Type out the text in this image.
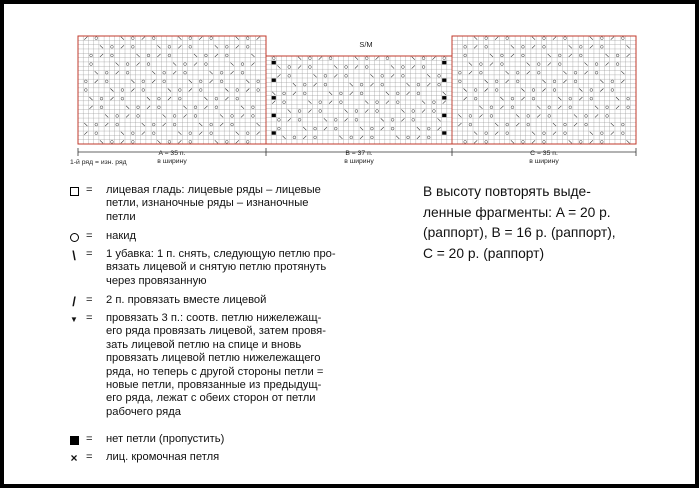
S/M
1-й ряд = изн. ряд
A = 35 п.
в ширину
B = 37 п.
в ширину
C = 35 п.
в ширину
= лицевая гладь: лицевые ряды – лицевые
петли, изнаночные ряды – изнаночные
петли
= накид
\ = 1 убавка: 1 п. снять, следующую петлю про-
вязать лицевой и снятую петлю протянуть
через провязанную
/ = 2 п. провязать вместе лицевой
▼ = провязать 3 п.: соотв. петлю нижележащ-
его ряда провязать лицевой, затем провя-
зать лицевой петлю на спице и вновь
провязать лицевой петлю нижележащего
ряда, но теперь с другой стороны петли =
новые петли, провязанные из предыдущ-
его ряда, лежат с обеих сторон от петли
рабочего ряда
= нет петли (пропустить)
× = лиц. кромочная петля
В высоту повторять выде-
ленные фрагменты: A = 20 р.
(раппорт), B = 16 р. (раппорт),
C = 20 р. (раппорт)
